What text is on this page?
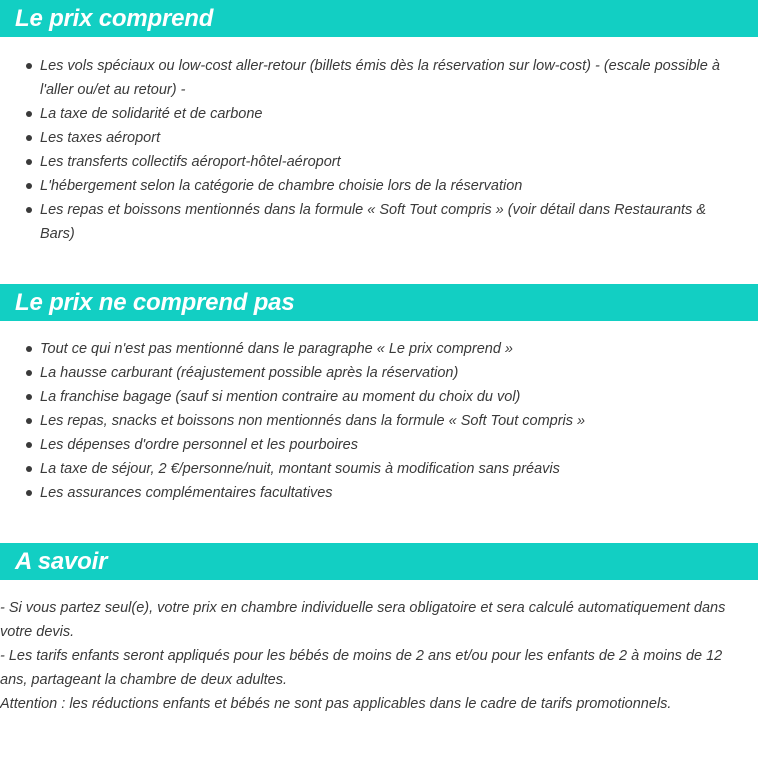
Le prix comprend
Les vols spéciaux ou low-cost aller-retour (billets émis dès la réservation sur low-cost) - (escale possible à l'aller ou/et au retour) -
La taxe de solidarité et de carbone
Les taxes aéroport
Les transferts collectifs aéroport-hôtel-aéroport
L'hébergement selon la catégorie de chambre choisie lors de la réservation
Les repas et boissons mentionnés dans la formule « Soft Tout compris » (voir détail dans Restaurants & Bars)
Le prix ne comprend pas
Tout ce qui n'est pas mentionné dans le paragraphe « Le prix comprend »
La hausse carburant (réajustement possible après la réservation)
La franchise bagage (sauf si mention contraire au moment du choix du vol)
Les repas, snacks et boissons non mentionnés dans la formule « Soft Tout compris »
Les dépenses d'ordre personnel et les pourboires
La taxe de séjour, 2 €/personne/nuit, montant soumis à modification sans préavis
Les assurances complémentaires facultatives
A savoir

- Si vous partez seul(e), votre prix en chambre individuelle sera obligatoire et sera calculé automatiquement dans votre devis.

- Les tarifs enfants seront appliqués pour les bébés de moins de 2 ans et/ou pour les enfants de 2 à moins de 12 ans, partageant la chambre de deux adultes.

Attention : les réductions enfants et bébés ne sont pas applicables dans le cadre de tarifs promotionnels.
